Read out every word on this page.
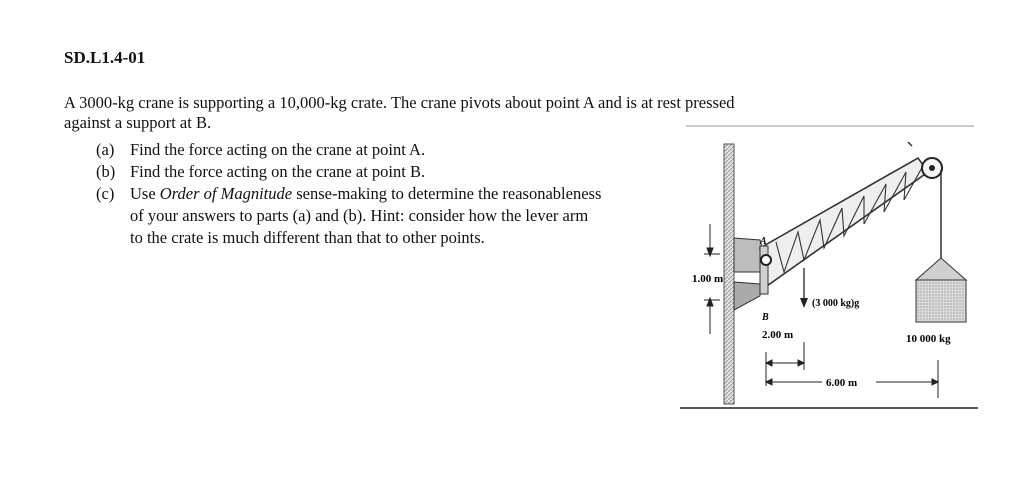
SD.L1.4-01
A 3000-kg crane is supporting a 10,000-kg crate. The crane pivots about point A and is at rest pressed
against a support at B.
(a) Find the force acting on the crane at point A.
(b) Find the force acting on the crane at point B.
(c) Use Order of Magnitude sense-making to determine the reasonableness
of your answers to parts (a) and (b). Hint: consider how the lever arm
to the crate is much different than that to other points.	A
B
10 000 kg
(3 000 kg)g
1.00 m
2.00 m
6.00 m
